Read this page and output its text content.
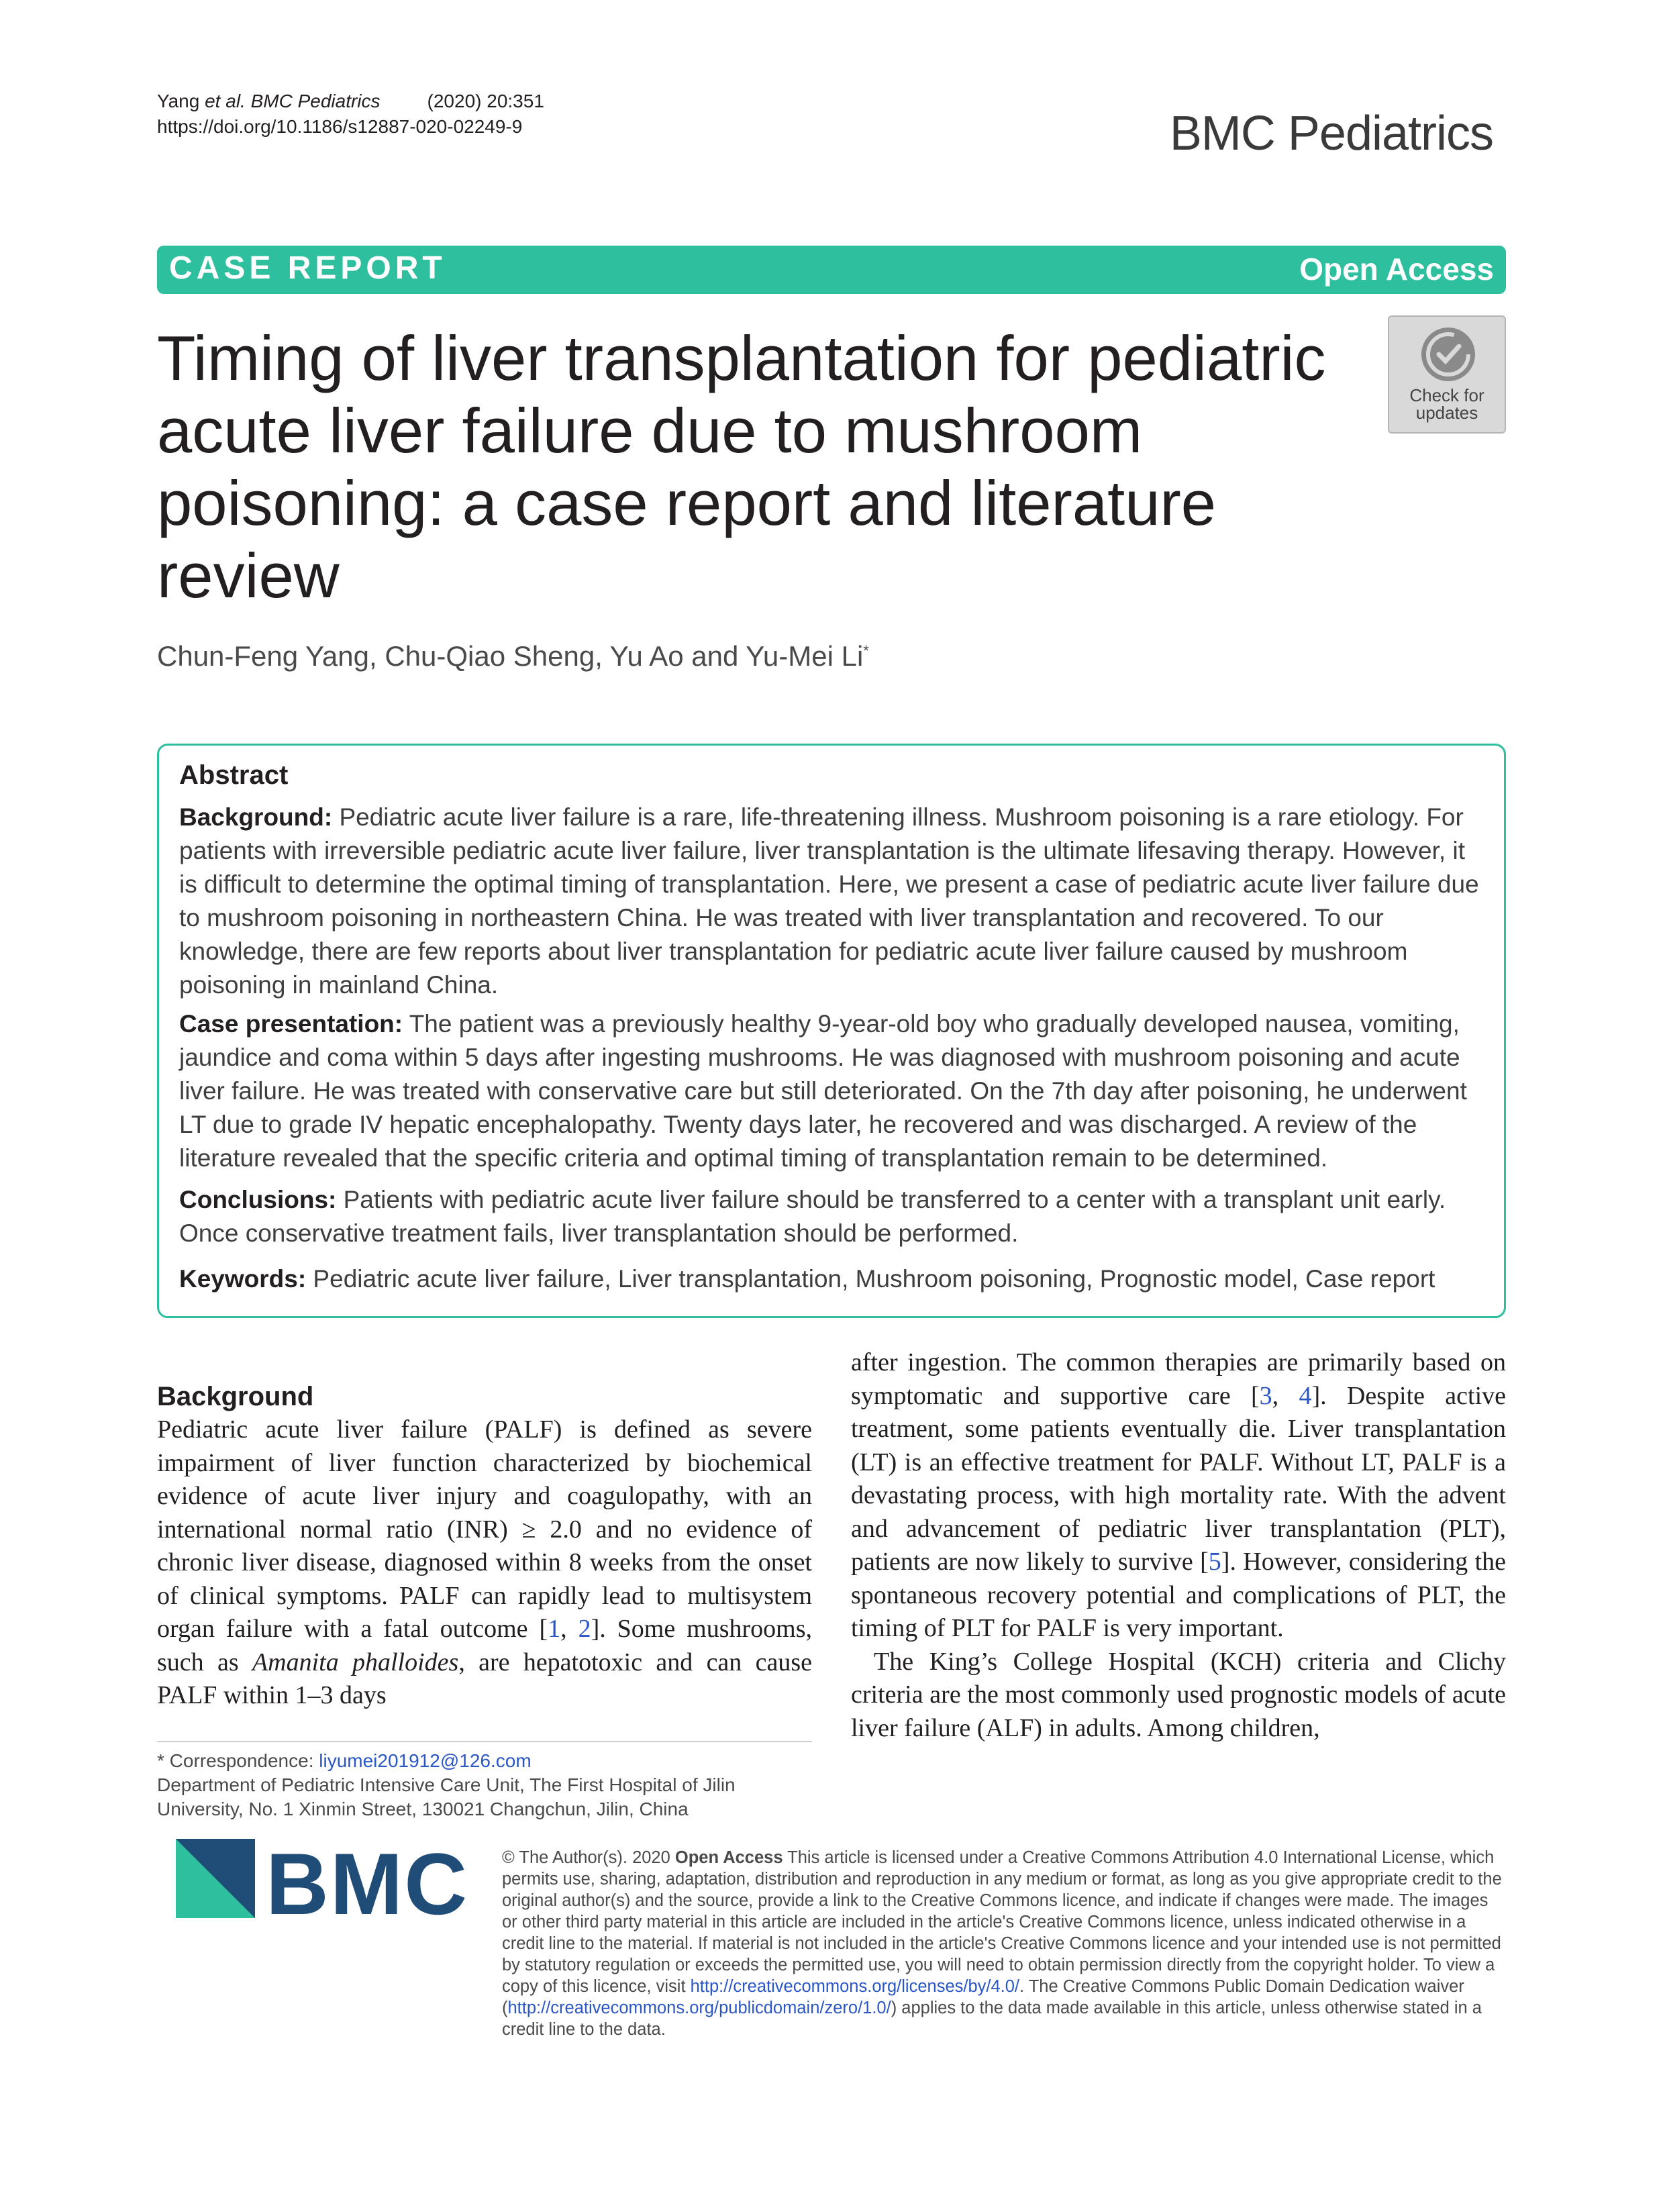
Yang et al. BMC Pediatrics	(2020) 20:351
https://doi.org/10.1186/s12887-020-02249-9	BMC Pediatrics
CASE REPORT	Open Access
Timing of liver transplantation for pediatric
acute liver failure due to mushroom
poisoning: a case report and literature
review
Check for
updates
Chun-Feng Yang, Chu-Qiao Sheng, Yu Ao and Yu-Mei Li*
Abstract
Background: Pediatric acute liver failure is a rare, life-threatening illness. Mushroom poisoning is a rare etiology. For patients with irreversible pediatric acute liver failure, liver transplantation is the ultimate lifesaving therapy. However, it is difficult to determine the optimal timing of transplantation. Here, we present a case of pediatric acute liver failure due to mushroom poisoning in northeastern China. He was treated with liver transplantation and recovered. To our knowledge, there are few reports about liver transplantation for pediatric acute liver failure caused by mushroom poisoning in mainland China.
Case presentation: The patient was a previously healthy 9-year-old boy who gradually developed nausea, vomiting, jaundice and coma within 5 days after ingesting mushrooms. He was diagnosed with mushroom poisoning and acute liver failure. He was treated with conservative care but still deteriorated. On the 7th day after poisoning, he underwent LT due to grade IV hepatic encephalopathy. Twenty days later, he recovered and was discharged. A review of the literature revealed that the specific criteria and optimal timing of transplantation remain to be determined.
Conclusions: Patients with pediatric acute liver failure should be transferred to a center with a transplant unit early. Once conservative treatment fails, liver transplantation should be performed.
Keywords: Pediatric acute liver failure, Liver transplantation, Mushroom poisoning, Prognostic model, Case report
Background
Pediatric acute liver failure (PALF) is defined as severe impairment of liver function characterized by biochemical evidence of acute liver injury and coagulopathy, with an international normal ratio (INR) ≥ 2.0 and no evidence of chronic liver disease, diagnosed within 8 weeks from the onset of clinical symptoms. PALF can rapidly lead to multisystem organ failure with a fatal outcome [1, 2]. Some mushrooms, such as Amanita phalloides, are hepatotoxic and can cause PALF within 1–3 days
after ingestion. The common therapies are primarily based on symptomatic and supportive care [3, 4]. Despite active treatment, some patients eventually die. Liver transplantation (LT) is an effective treatment for PALF. Without LT, PALF is a devastating process, with high mortality rate. With the advent and advancement of pediatric liver transplantation (PLT), patients are now likely to survive [5]. However, considering the spontaneous recovery potential and complications of PLT, the timing of PLT for PALF is very important.
The King’s College Hospital (KCH) criteria and Clichy criteria are the most commonly used prognostic models of acute liver failure (ALF) in adults. Among children,
* Correspondence: liyumei201912@126.com
Department of Pediatric Intensive Care Unit, The First Hospital of Jilin University, No. 1 Xinmin Street, 130021 Changchun, Jilin, China
BMC © The Author(s). 2020 Open Access This article is licensed under a Creative Commons Attribution 4.0 International License, which permits use, sharing, adaptation, distribution and reproduction in any medium or format, as long as you give appropriate credit to the original author(s) and the source, provide a link to the Creative Commons licence, and indicate if changes were made. The images or other third party material in this article are included in the article's Creative Commons licence, unless indicated otherwise in a credit line to the material. If material is not included in the article's Creative Commons licence and your intended use is not permitted by statutory regulation or exceeds the permitted use, you will need to obtain permission directly from the copyright holder. To view a copy of this licence, visit http://creativecommons.org/licenses/by/4.0/. The Creative Commons Public Domain Dedication waiver (http://creativecommons.org/publicdomain/zero/1.0/) applies to the data made available in this article, unless otherwise stated in a credit line to the data.
